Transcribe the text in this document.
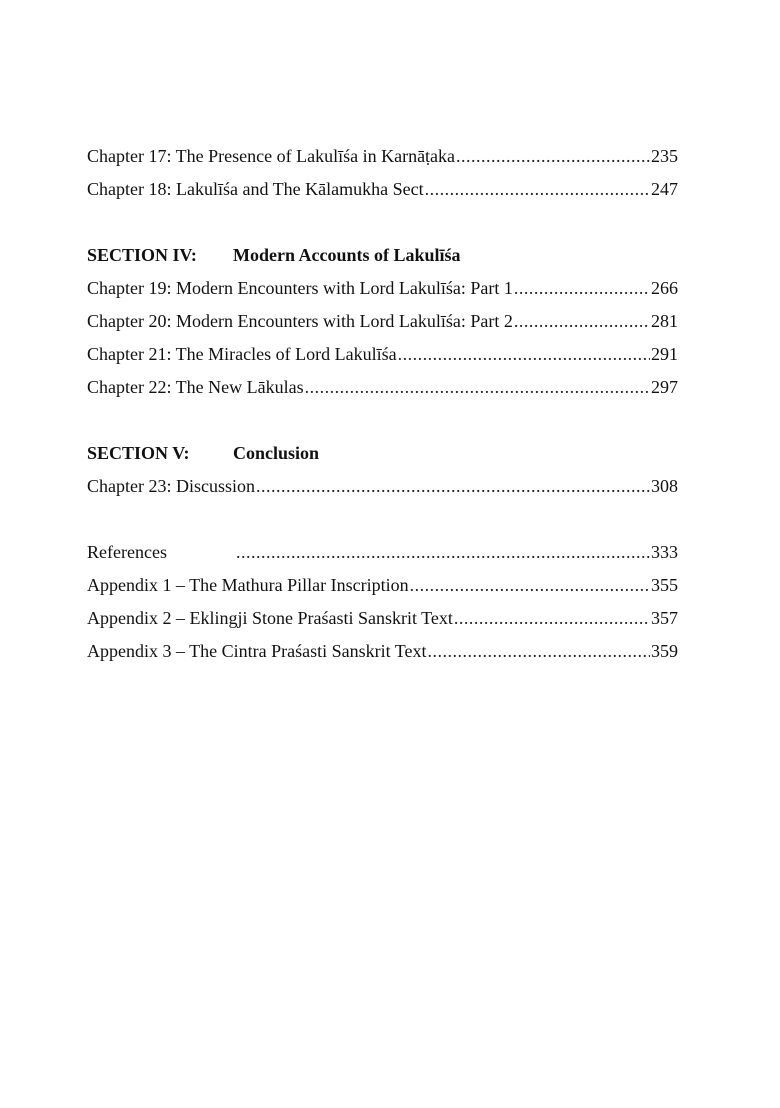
Chapter 17: The Presence of Lakulīśa in Karnāṭaka .....	235
Chapter 18: Lakulīśa and The Kālamukha Sect .....	247
SECTION IV:	Modern Accounts of Lakulīśa
Chapter 19: Modern Encounters with Lord Lakulīśa: Part 1 .....	266
Chapter 20: Modern Encounters with Lord Lakulīśa: Part 2 .....	281
Chapter 21: The Miracles of Lord Lakulīśa .....	291
Chapter 22: The New Lākulas .....	297
SECTION V:	Conclusion
Chapter 23: Discussion .....	308
References .....	333
Appendix 1 – The Mathura Pillar Inscription .....	355
Appendix 2 – Eklingji Stone Praśasti Sanskrit Text .....	357
Appendix 3 – The Cintra Praśasti Sanskrit Text .....	359
